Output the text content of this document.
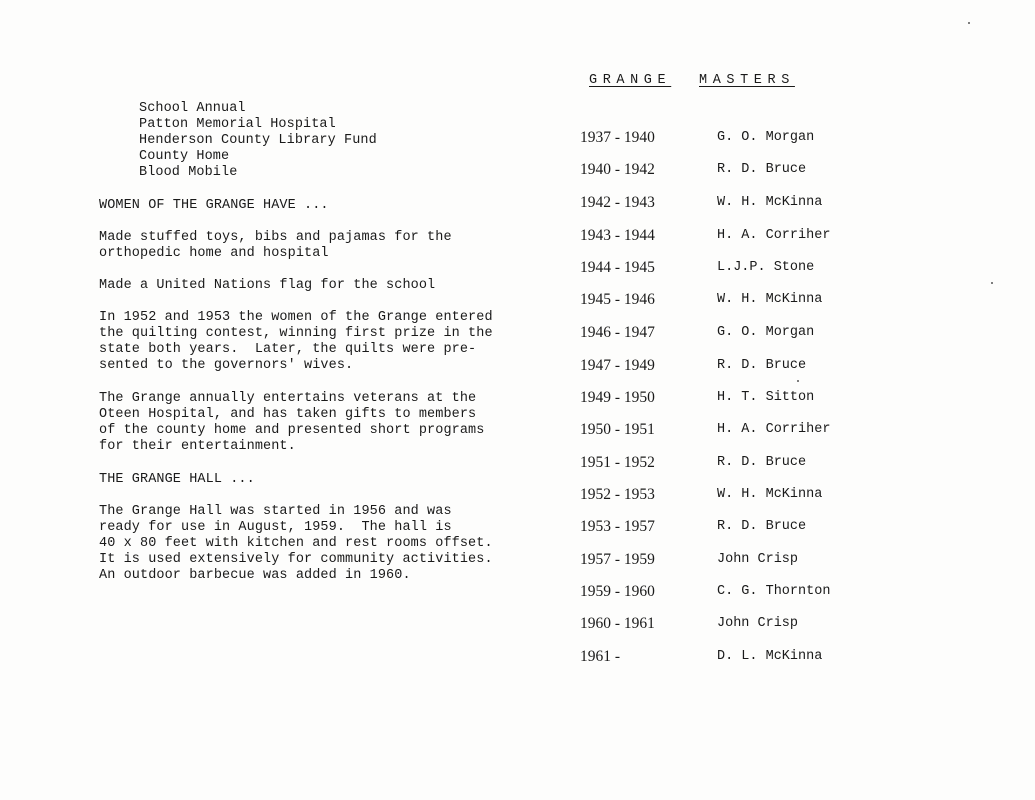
School Annual
Patton Memorial Hospital
Henderson County Library Fund
County Home
Blood Mobile
WOMEN OF THE GRANGE HAVE ...
Made stuffed toys, bibs and pajamas for the
orthopedic home and hospital
Made a United Nations flag for the school
In 1952 and 1953 the women of the Grange entered
the quilting contest, winning first prize in the
state both years.  Later, the quilts were pre-
sented to the governors' wives.
The Grange annually entertains veterans at the
Oteen Hospital, and has taken gifts to members
of the county home and presented short programs
for their entertainment.
THE GRANGE HALL ...
The Grange Hall was started in 1956 and was
ready for use in August, 1959.  The hall is
40 x 80 feet with kitchen and rest rooms offset.
It is used extensively for community activities.
An outdoor barbecue was added in 1960.
GRANGE MASTERS
1937 - 1940	G. O. Morgan
1940 - 1942	R. D. Bruce
1942 - 1943	W. H. McKinna
1943 - 1944	H. A. Corriher
1944 - 1945	L.J.P. Stone
1945 - 1946	W. H. McKinna
1946 - 1947	G. O. Morgan
1947 - 1949	R. D. Bruce
1949 - 1950	H. T. Sitton
1950 - 1951	H. A. Corriher
1951 - 1952	R. D. Bruce
1952 - 1953	W. H. McKinna
1953 - 1957	R. D. Bruce
1957 - 1959	John Crisp
1959 - 1960	C. G. Thornton
1960 - 1961	John Crisp
1961 -	D. L. McKinna
